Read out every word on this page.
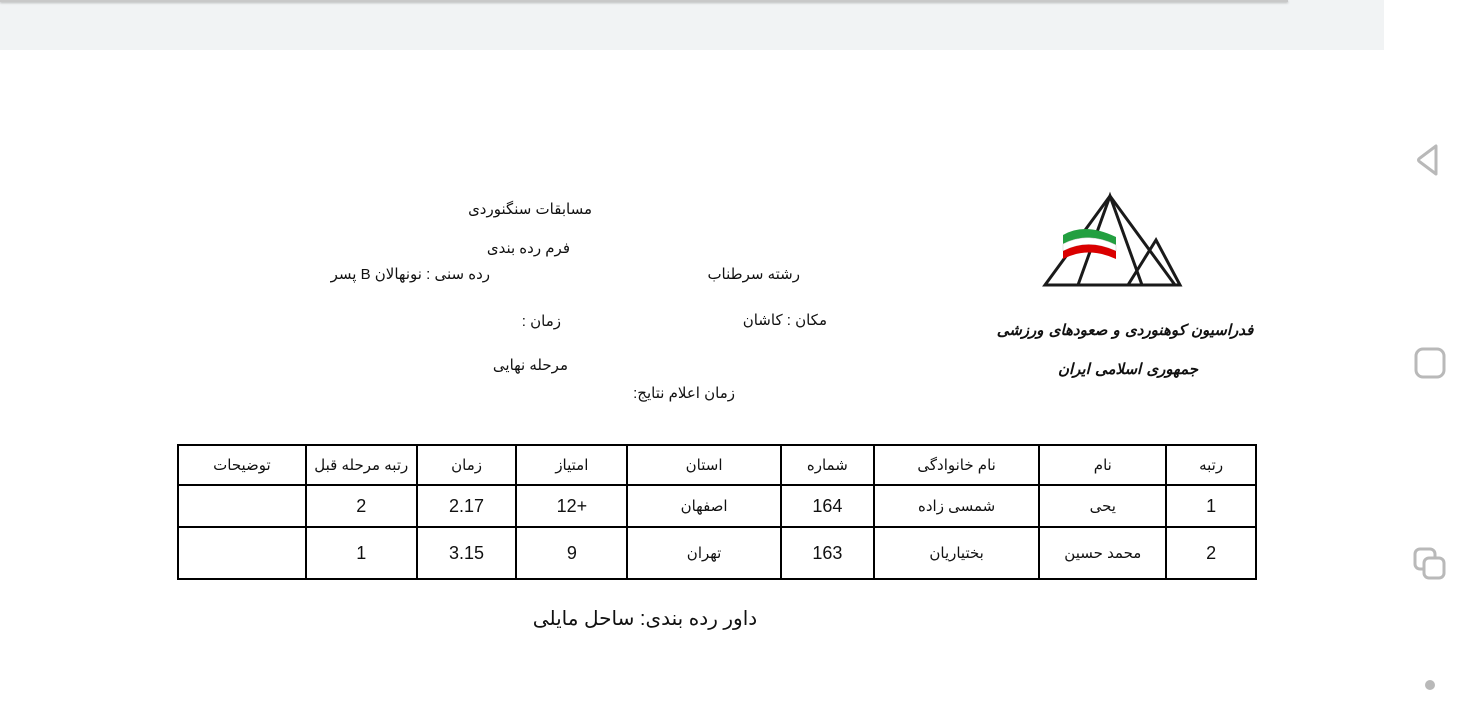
مسابقات سنگنوردی
فرم رده بندی
رده سنی : نونهالان B پسر	رشته سرطناب
مکان : کاشان
زمان :
مرحله نهایی
زمان اعلام نتایج:
فدراسیون کوهنوردی و صعودهای ورزشی
جمهوری اسلامی ایران
رتبه	نام	نام خانوادگی	شماره	استان	امتیاز	زمان	رتبه مرحله قبل	توضیحات
1	یحی	شمسی زاده	164	اصفهان	+12	2.17	2	
2	محمد حسین	بختیاریان	163	تهران	9	3.15	1	
داور رده بندی: ساحل مایلی
